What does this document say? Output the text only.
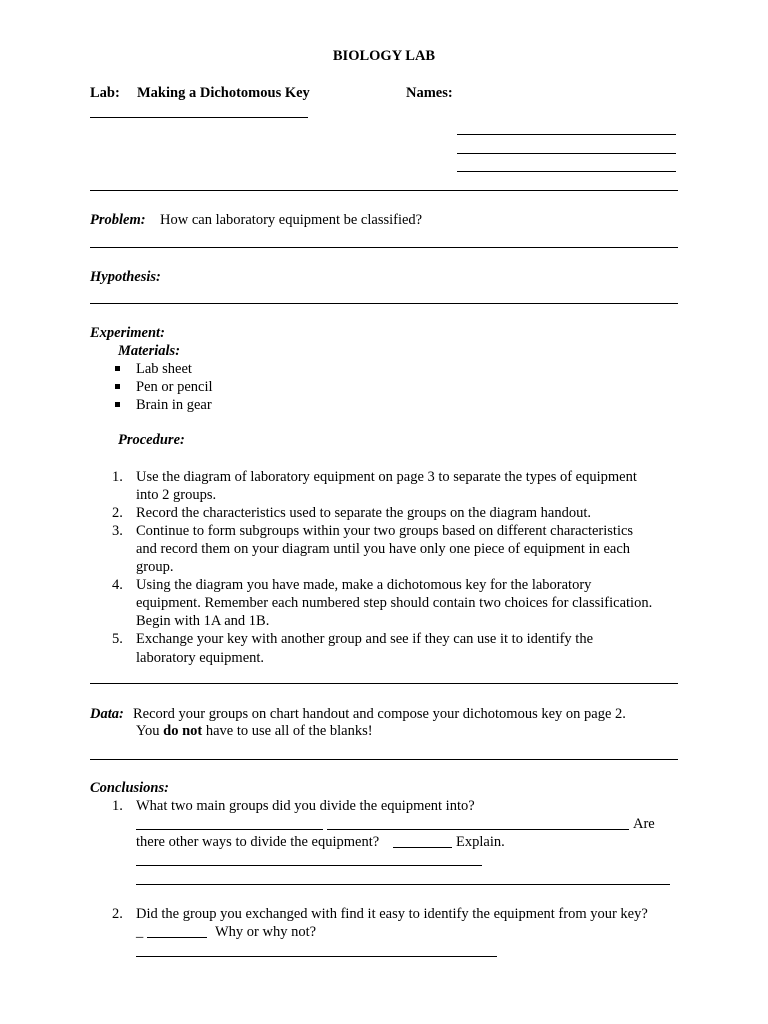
BIOLOGY LAB
Lab: Making a Dichotomous Key	Names:
Problem: How can laboratory equipment be classified?
Hypothesis:
Experiment:
Materials:
Lab sheet
Pen or pencil
Brain in gear
Procedure:
1. Use the diagram of laboratory equipment on page 3 to separate the types of equipment
into 2 groups.
2. Record the characteristics used to separate the groups on the diagram handout.
3. Continue to form subgroups within your two groups based on different characteristics
and record them on your diagram until you have only one piece of equipment in each
group.
4. Using the diagram you have made, make a dichotomous key for the laboratory
equipment. Remember each numbered step should contain two choices for classification.
Begin with 1A and 1B.
5. Exchange your key with another group and see if they can use it to identify the
laboratory equipment.
Data: Record your groups on chart handout and compose your dichotomous key on page 2.
You do not have to use all of the blanks!
Conclusions:
1. What two main groups did you divide the equipment into?
Are
there other ways to divide the equipment?	Explain.
2. Did the group you exchanged with find it easy to identify the equipment from your key?
_	Why or why not?
